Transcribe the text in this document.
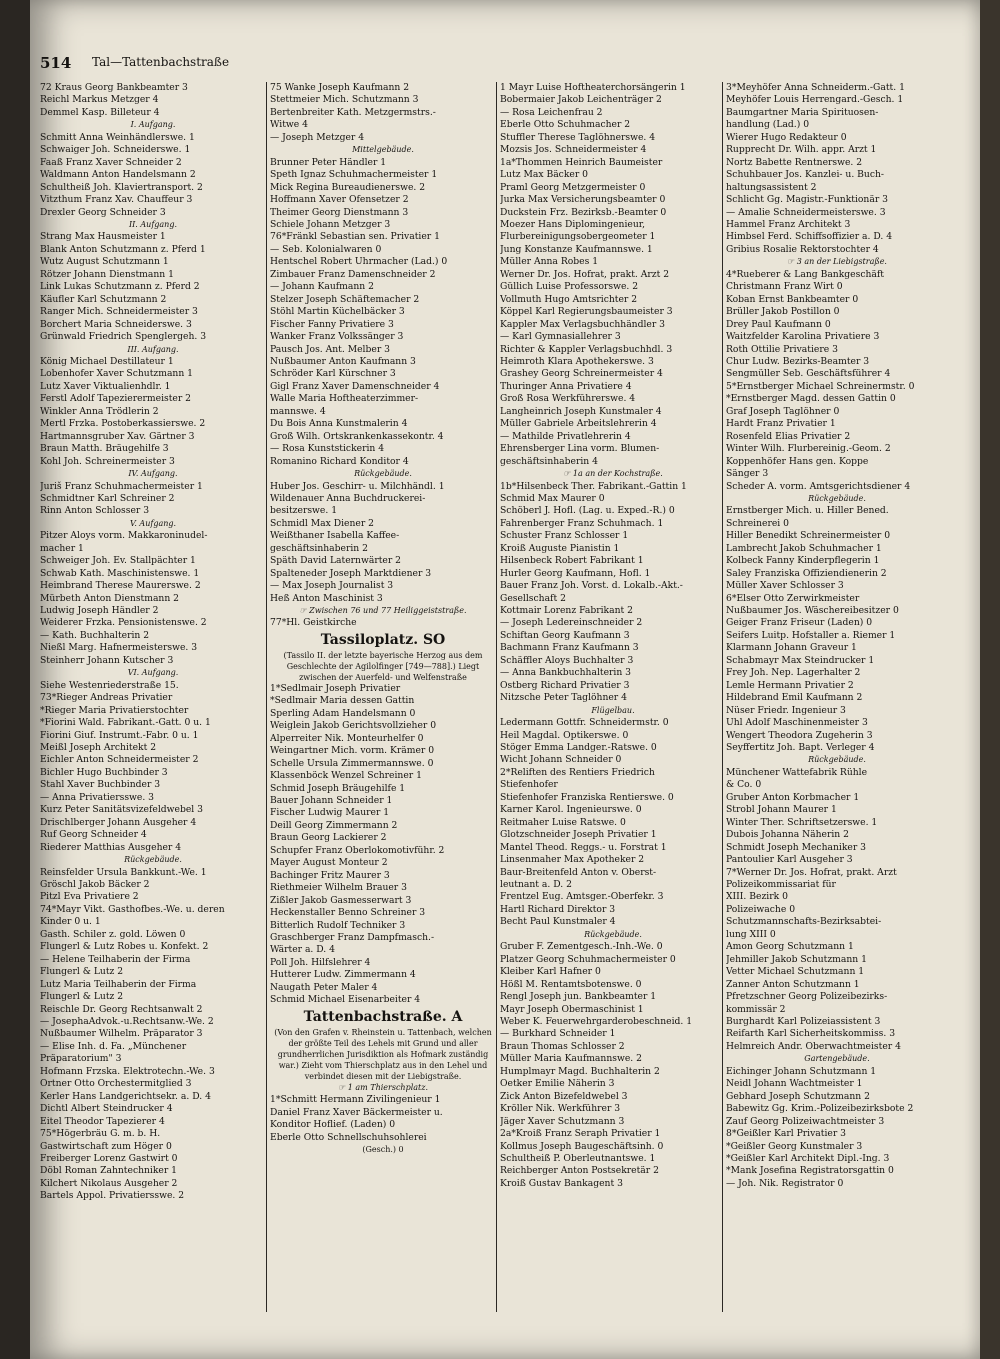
514 Tal—Tattenbachstraße
72 Kraus Georg Bankbeamter 3
Reichl Markus Metzger 4
Demmel Kasp. Billeteur 4
I. Aufgang.
Schmitt Anna Weinhändlerswe. 1
Schwaiger Joh. Schneiderswe. 1
Faaß Franz Xaver Schneider 2
Waldmann Anton Handelsmann 2
Schultheiß Joh. Klaviertransport. 2
Vitzthum Franz Xav. Chauffeur 3
Drexler Georg Schneider 3
II. Aufgang.
Strang Max Hausmeister 1
Blank Anton Schutzmann z. Pferd 1
Wutz August Schutzmann 1
Rötzer Johann Dienstmann 1
Link Lukas Schutzmann z. Pferd 2
Käufler Karl Schutzmann 2
Ranger Mich. Schneidermeister 3
Borchert Maria Schneiderswe. 3
Grünwald Friedrich Spenglergeh. 3
III. Aufgang.
König Michael Destillateur 1
Lobenhofer Xaver Schutzmann 1
Lutz Xaver Viktualienhdlr. 1
Ferstl Adolf Tapezierermeister 2
Winkler Anna Trödlerin 2
Mertl Frzka. Postoberkassierswe. 2
Hartmannsgruber Xav. Gärtner 3
Braun Matth. Bräugehilfe 3
Kohl Joh. Schreinermeister 3
IV. Aufgang.
Juriš Franz Schuhmachermeister 1
Schmidtner Karl Schreiner 2
Rinn Anton Schlosser 3
V. Aufgang.
Pitzer Aloys vorm. Makkaroninudel-
macher 1
Schweiger Joh. Ev. Stallpächter 1
Schwab Kath. Maschinistenswe. 1
Heimbrand Therese Maurerswe. 2
Mürbeth Anton Dienstmann 2
Ludwig Joseph Händler 2
Weiderer Frzka. Pensionistenswe. 2
— Kath. Buchhalterin 2
Nießl Marg. Hafnermeisterswe. 3
Steinherr Johann Kutscher 3
VI. Aufgang.
Siehe Westenriederstraße 15.
73*Rieger Andreas Privatier
*Rieger Maria Privatierstochter
*Fiorini Wald. Fabrikant.-Gatt. 0 u. 1
Fiorini Giuf. Instrumt.-Fabr. 0 u. 1
Meißl Joseph Architekt 2
Eichler Anton Schneidermeister 2
Bichler Hugo Buchbinder 3
Stahl Xaver Buchbinder 3
— Anna Privatiersswe. 3
Kurz Peter Sanitätsvizefeldwebel 3
Drischlberger Johann Ausgeher 4
Ruf Georg Schneider 4
Riederer Matthias Ausgeher 4
Rückgebäude.
Reinsfelder Ursula Bankkunt.-We. 1
Gröschl Jakob Bäcker 2
Pitzl Eva Privatiere 2
74*Mayr Vikt. Gasthofbes.-We. u. deren
Kinder 0 u. 1
Gasth. Schiler z. gold. Löwen 0
Flungerl & Lutz Robes u. Konfekt. 2
— Helene Teilhaberin der Firma
Flungerl & Lutz 2
Lutz Maria Teilhaberin der Firma
Flungerl & Lutz 2
Reischle Dr. Georg Rechtsanwalt 2
— JosephaAdvok.-u.Rechtsanw.-We. 2
Nußbaumer Wilhelm. Präparator 3
— Elise Inh. d. Fa. „Münchener
Präparatorium" 3
Hofmann Frzska. Elektrotechn.-We. 3
Ortner Otto Orchestermitglied 3
Kerler Hans Landgerichtsekr. a. D. 4
Dichtl Albert Steindrucker 4
Eitel Theodor Tapezierer 4
75*Högerbräu G. m. b. H.
Gastwirtschaft zum Höger 0
Freiberger Lorenz Gastwirt 0
Döbl Roman Zahntechniker 1
Kilchert Nikolaus Ausgeher 2
Bartels Appol. Privatiersswe. 2
75 Wanke Joseph Kaufmann 2
Stettmeier Mich. Schutzmann 3
Bertenbreiter Kath. Metzgermstrs.-
Witwe 4
— Joseph Metzger 4
Mittelgebäude.
Brunner Peter Händler 1
Speth Ignaz Schuhmachermeister 1
Mick Regina Bureaudienerswe. 2
Hoffmann Xaver Ofensetzer 2
Theimer Georg Dienstmann 3
Schiele Johann Metzger 3
76*Fränkl Sebastian sen. Privatier 1
— Seb. Kolonialwaren 0
Hentschel Robert Uhrmacher (Lad.) 0
Zimbauer Franz Damenschneider 2
— Johann Kaufmann 2
Stelzer Joseph Schäftemacher 2
Stöhl Martin Küchelbäcker 3
Fischer Fanny Privatiere 3
Wanker Franz Volkssänger 3
Pausch Jos. Ant. Melber 3
Nußbaumer Anton Kaufmann 3
Schröder Karl Kürschner 3
Gigl Franz Xaver Damenschneider 4
Walle Maria Hoftheaterzimmer-
mannswe. 4
Du Bois Anna Kunstmalerin 4
Groß Wilh. Ortskrankenkassekontr. 4
— Rosa Kunststickerin 4
Romanino Richard Konditor 4
Rückgebäude.
Huber Jos. Geschirr- u. Milchhändl. 1
Wildenauer Anna Buchdruckerei-
besitzerswe. 1
Schmidl Max Diener 2
Weißthaner Isabella Kaffee-
geschäftsinhaberin 2
Späth David Laternwärter 2
Spalteneder Joseph Marktdiener 3
— Max Joseph Journalist 3
Heß Anton Maschinist 3
☞ Zwischen 76 und 77 Heiliggeiststraße.
77*Hl. Geistkirche
Tassiloplatz. SO
(Tassilo II. der letzte bayerische Herzog aus dem Geschlechte der Agilolfinger [749—788].) Liegt zwischen der Auerfeld- und Welfenstraße
1*Sedlmair Joseph Privatier
*Sedlmair Maria dessen Gattin
Sperling Adam Handelsmann 0
Weiglein Jakob Gerichtsvollzieher 0
Alperreiter Nik. Monteurhelfer 0
Weingartner Mich. vorm. Krämer 0
Schelle Ursula Zimmermannswe. 0
Klassenböck Wenzel Schreiner 1
Schmid Joseph Bräugehilfe 1
Bauer Johann Schneider 1
Fischer Ludwig Maurer 1
Deill Georg Zimmermann 2
Braun Georg Lackierer 2
Schupfer Franz Oberlokomotivführ. 2
Mayer August Monteur 2
Bachinger Fritz Maurer 3
Riethmeier Wilhelm Brauer 3
Zißler Jakob Gasmesserwart 3
Heckenstaller Benno Schreiner 3
Bitterlich Rudolf Techniker 3
Graschberger Franz Dampfmasch.-
Wärter a. D. 4
Poll Joh. Hilfslehrer 4
Hutterer Ludw. Zimmermann 4
Naugath Peter Maler 4
Schmid Michael Eisenarbeiter 4
Tattenbachstraße. A
(Von den Grafen v. Rheinstein u. Tattenbach, welchen der größte Teil des Lehels mit Grund und aller grundherrlichen Jurisdiktion als Hofmark zuständig war.) Zieht vom Thierschplatz aus in den Lehel und verbindet diesen mit der Liebigstraße.
☞ 1 am Thierschplatz.
1*Schmitt Hermann Zivilingenieur 1
Daniel Franz Xaver Bäckermeister u.
Konditor Hoflief. (Laden) 0
Eberle Otto Schnellschuhsohlerei
(Gesch.) 0
1 Mayr Luise Hoftheaterchorsängerin 1
Bobermaier Jakob Leichenträger 2
— Rosa Leichenfrau 2
Eberle Otto Schuhmacher 2
Stuffler Therese Taglöhnerswe. 4
Mozsis Jos. Schneidermeister 4
1a*Thommen Heinrich Baumeister
Lutz Max Bäcker 0
Praml Georg Metzgermeister 0
Jurka Max Versicherungsbeamter 0
Duckstein Frz. Bezirksb.-Beamter 0
Moezer Hans Diplomingenieur,
Flurbereinigungsobergeometer 1
Jung Konstanze Kaufmannswe. 1
Müller Anna Robes 1
Werner Dr. Jos. Hofrat, prakt. Arzt 2
Güllich Luise Professorswe. 2
Vollmuth Hugo Amtsrichter 2
Köppel Karl Regierungsbaumeister 3
Kappler Max Verlagsbuchhändler 3
— Karl Gymnasiallehrer 3
Richter & Kappler Verlagsbuchhdl. 3
Heimroth Klara Apothekerswe. 3
Grashey Georg Schreinermeister 4
Thuringer Anna Privatiere 4
Groß Rosa Werkführerswe. 4
Langheinrich Joseph Kunstmaler 4
Müller Gabriele Arbeitslehrerin 4
— Mathilde Privatlehrerin 4
Ehrensberger Lina vorm. Blumen-
geschäftsinhaberin 4
☞ 1a an der Kochstraße.
1b*Hilsenbeck Ther. Fabrikant.-Gattin 1
Schmid Max Maurer 0
Schöberl J. Hofl. (Lag. u. Exped.-R.) 0
Fahrenberger Franz Schuhmach. 1
Schuster Franz Schlosser 1
Kroiß Auguste Pianistin 1
Hilsenbeck Robert Fabrikant 1
Hurler Georg Kaufmann, Hofl. 1
Bauer Franz Joh. Vorst. d. Lokalb.-Akt.-
Gesellschaft 2
Kottmair Lorenz Fabrikant 2
— Joseph Ledereinschneider 2
Schiftan Georg Kaufmann 3
Bachmann Franz Kaufmann 3
Schäffler Aloys Buchhalter 3
— Anna Bankbuchhalterin 3
Ostberg Richard Privatier 3
Nitzsche Peter Taglöhner 4
Flügelbau.
Ledermann Gottfr. Schneidermstr. 0
Heil Magdal. Optikerswe. 0
Stöger Emma Landger.-Ratswe. 0
Wicht Johann Schneider 0
2*Reliften des Rentiers Friedrich
Stiefenhofer
Stiefenhofer Franziska Rentierswe. 0
Karner Karol. Ingenieurswe. 0
Reitmaher Luise Ratswe. 0
Glotzschneider Joseph Privatier 1
Mantel Theod. Reggs.- u. Forstrat 1
Linsenmaher Max Apotheker 2
Baur-Breitenfeld Anton v. Oberst-
leutnant a. D. 2
Frentzel Eug. Amtsger.-Oberfekr. 3
Hartl Richard Direktor 3
Becht Paul Kunstmaler 4
Rückgebäude.
Gruber F. Zementgesch.-Inh.-We. 0
Platzer Georg Schuhmachermeister 0
Kleiber Karl Hafner 0
Hößl M. Rentamtsbotenswe. 0
Rengl Joseph jun. Bankbeamter 1
Mayr Joseph Obermaschinist 1
Weber K. Feuerwehrgarderobeschneid. 1
— Burkhard Schneider 1
Braun Thomas Schlosser 2
Müller Maria Kaufmannswe. 2
Humplmayr Magd. Buchhalterin 2
Oetker Emilie Näherin 3
Zick Anton Bizefeldwebel 3
Kröller Nik. Werkführer 3
Jäger Xaver Schutzmann 3
2a*Kroiß Franz Seraph Privatier 1
Kollmus Joseph Baugeschäftsinh. 0
Schultheiß P. Oberleutnantswe. 1
Reichberger Anton Postsekretär 2
Kroiß Gustav Bankagent 3
3*Meyhöfer Anna Schneiderm.-Gatt. 1
Meyhöfer Louis Herrengard.-Gesch. 1
Baumgartner Maria Spirituosen-
handlung (Lad.) 0
Wierer Hugo Redakteur 0
Rupprecht Dr. Wilh. appr. Arzt 1
Nortz Babette Rentnerswe. 2
Schuhbauer Jos. Kanzlei- u. Buch-
haltungsassistent 2
Schlicht Gg. Magistr.-Funktionär 3
— Amalie Schneidermeisterswe. 3
Hammel Franz Architekt 3
Himbsel Ferd. Schiffsoffizier a. D. 4
Gribius Rosalie Rektorstochter 4
☞ 3 an der Liebigstraße.
4*Rueberer & Lang Bankgeschäft
Christmann Franz Wirt 0
Koban Ernst Bankbeamter 0
Brüller Jakob Postillon 0
Drey Paul Kaufmann 0
Waitzfelder Karolina Privatiere 3
Roth Ottilie Privatiere 3
Chur Ludw. Bezirks-Beamter 3
Sengmüller Seb. Geschäftsführer 4
5*Ernstberger Michael Schreinermstr. 0
*Ernstberger Magd. dessen Gattin 0
Graf Joseph Taglöhner 0
Hardt Franz Privatier 1
Rosenfeld Elias Privatier 2
Winter Wilh. Flurbereinig.-Geom. 2
Koppenhöfer Hans gen. Koppe
Sänger 3
Scheder A. vorm. Amtsgerichtsdiener 4
Rückgebäude.
Ernstberger Mich. u. Hiller Bened.
Schreinerei 0
Hiller Benedikt Schreinermeister 0
Lambrecht Jakob Schuhmacher 1
Kolbeck Fanny Kinderpflegerin 1
Saley Franziska Offiziendienerin 2
Müller Xaver Schlosser 3
6*Elser Otto Zerwirkmeister
Nußbaumer Jos. Wäschereibesitzer 0
Geiger Franz Friseur (Laden) 0
Seifers Luitp. Hofstaller a. Riemer 1
Klarmann Johann Graveur 1
Schabmayr Max Steindrucker 1
Frey Joh. Nep. Lagerhalter 2
Lemle Hermann Privatier 2
Hildebrand Emil Kaufmann 2
Nüser Friedr. Ingenieur 3
Uhl Adolf Maschinenmeister 3
Wengert Theodora Zugeherin 3
Seyffertitz Joh. Bapt. Verleger 4
Rückgebäude.
Münchener Wattefabrik Rühle
& Co. 0
Gruber Anton Korbmacher 1
Strobl Johann Maurer 1
Winter Ther. Schriftsetzerswe. 1
Dubois Johanna Näherin 2
Schmidt Joseph Mechaniker 3
Pantoulier Karl Ausgeher 3
7*Werner Dr. Jos. Hofrat, prakt. Arzt
Polizeikommissariat für
XIII. Bezirk 0
Polizeiwache 0
Schutzmannschafts-Bezirksabtei-
lung XIII 0
Amon Georg Schutzmann 1
Jehmiller Jakob Schutzmann 1
Vetter Michael Schutzmann 1
Zanner Anton Schutzmann 1
Pfretzschner Georg Polizeibezirks-
kommissär 2
Burghardt Karl Polizeiassistent 3
Reifarth Karl Sicherheitskommiss. 3
Helmreich Andr. Oberwachtmeister 4
Gartengebäude.
Eichinger Johann Schutzmann 1
Neidl Johann Wachtmeister 1
Gebhard Joseph Schutzmann 2
Babewitz Gg. Krim.-Polizeibezirksbote 2
Zauf Georg Polizeiwachtmeister 3
8*Geißler Karl Privatier 3
*Geißler Georg Kunstmaler 3
*Geißler Karl Architekt Dipl.-Ing. 3
*Mank Josefina Registratorsgattin 0
— Joh. Nik. Registrator 0
